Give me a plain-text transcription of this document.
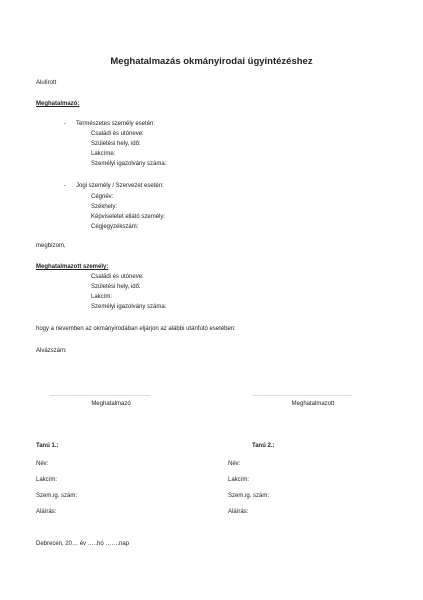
Meghatalmazás okmányirodai ügyintézéshez
Alulírott
Meghatalmazó:
- Természetes személy esetén:
Családi és utóneve:
Születési hely, idő:
Lakcíme:
Személyi igazolvány száma:
- Jogi személy / Szervezet esetén:
Cégnév:
Székhely:
Képviseletet ellátó személy:
Cégjegyzékszám:
megbízom,
Meghatalmazott személy:
Családi és utóneve:
Születési hely, idő:
Lakcím:
Személyi igazolvány száma:
hogy a nevemben az okmányirodában eljárjon az alábbi utánfutó esetében:
Alvázszám:
……………………………………………………	……………………………………………………
Meghatalmazó	Meghatalmazott
Tanú 1.:
Név:
Lakcím:
Szem.ig. szám:
Aláírás:
Tanú 2.:
Név:
Lakcím:
Szem.ig. szám:
Aláírás:
Debrecen, 20… év …..hó …….nap
